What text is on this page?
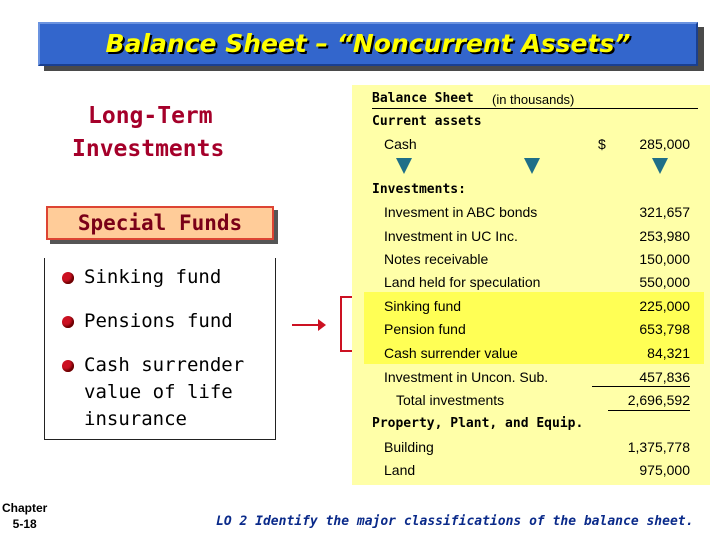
Balance Sheet – “Noncurrent Assets”
Long-Term
Investments
Special Funds
Sinking fund
Pensions fund
Cash surrender
value of life
insurance
Balance Sheet (in thousands)
Current assets
Cash	$ 285,000
Investments:
Invesment in ABC bonds	321,657
Investment in UC Inc.	253,980
Notes receivable	150,000
Land held for speculation	550,000
Sinking fund	225,000
Pension fund	653,798
Cash surrender value	84,321
Investment in Uncon. Sub.	457,836
Total investments	2,696,592
Property, Plant, and Equip.
Building	1,375,778
Land	975,000
Chapter
5-18	LO 2 Identify the major classifications of the balance sheet.
